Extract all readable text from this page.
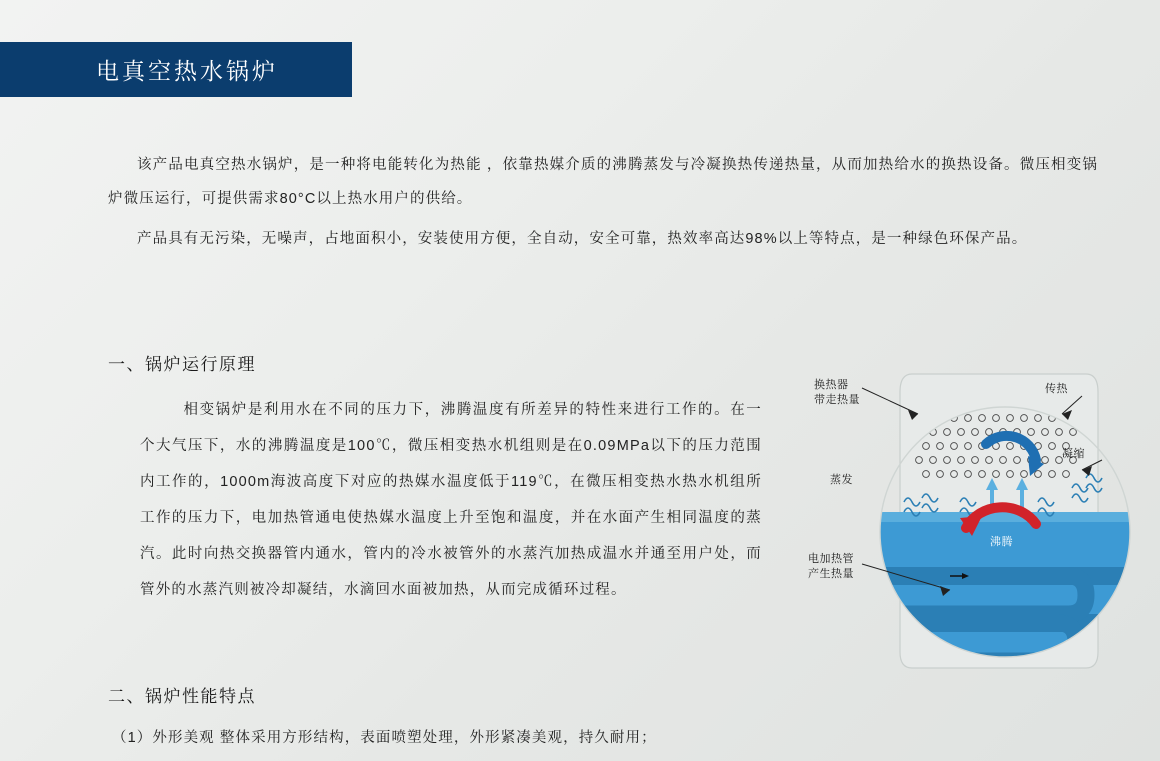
电真空热水锅炉

该产品电真空热水锅炉，是一种将电能转化为热能 ，依靠热媒介质的沸腾蒸发与冷凝换热传递热量，从而加热给水的换热设备。微压相变锅炉微压运行，可提供需求80°C以上热水用户的供给。

产品具有无污染，无噪声，占地面积小，安装使用方便，全自动，安全可靠，热效率高达98%以上等特点，是一种绿色环保产品。

一、锅炉运行原理
相变锅炉是利用水在不同的压力下，沸腾温度有所差异的特性来进行工作的。在一个大气压下，水的沸腾温度是100℃，微压相变热水机组则是在0.09MPa以下的压力范围内工作的，1000m海波高度下对应的热媒水温度低于119℃，在微压相变热水热水机组所工作的压力下，电加热管通电使热媒水温度上升至饱和温度，并在水面产生相同温度的蒸汽。此时向热交换器管内通水，管内的冷水被管外的水蒸汽加热成温水并通至用户处，而管外的水蒸汽则被冷却凝结，水滴回水面被加热，从而完成循环过程。
二、锅炉性能特点
（1）外形美观 整体采用方形结构，表面喷塑处理，外形紧凑美观，持久耐用；
换热器
带走热量
电加热管
产生热量
蒸发
传热
凝缩
沸腾
